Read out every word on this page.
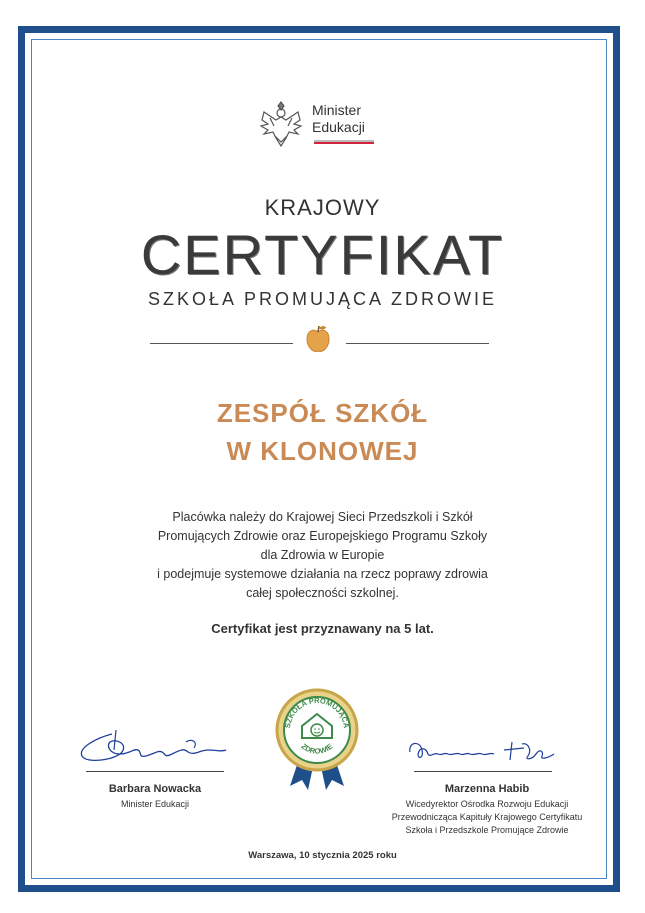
Minister
Edukacji
KRAJOWY
CERTYFIKAT
SZKOŁA PROMUJĄCA ZDROWIE
ZESPÓŁ SZKÓŁ
W KLONOWEJ
Placówka należy do Krajowej Sieci Przedszkoli i Szkół
Promujących Zdrowie oraz Europejskiego Programu Szkoły
dla Zdrowia w Europie
i podejmuje systemowe działania na rzecz poprawy zdrowia
całej społeczności szkolnej.
Certyfikat jest przyznawany na 5 lat.
SZKOŁA PROMUJĄCA
ZDROWIE
Barbara Nowacka
Minister Edukacji
Marzenna Habib
Wicedyrektor Ośrodka Rozwoju Edukacji
Przewodnicząca Kapituły Krajowego Certyfikatu
Szkoła i Przedszkole Promujące Zdrowie
Warszawa, 10 stycznia 2025 roku
